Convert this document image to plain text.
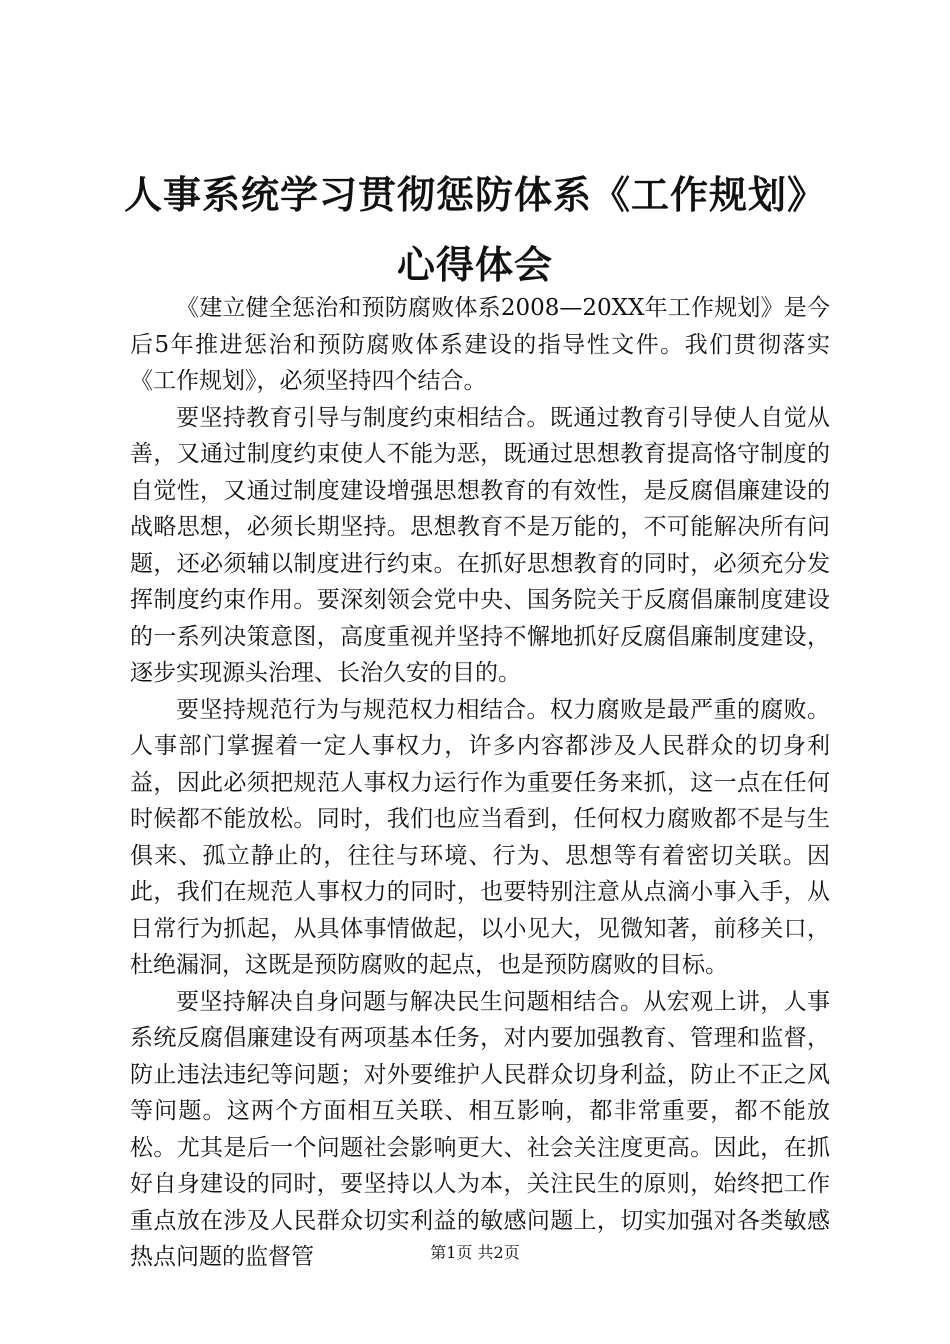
人事系统学习贯彻惩防体系《工作规划》心得体会

《建立健全惩治和预防腐败体系2008—20XX年工作规划》是今后5年推进惩治和预防腐败体系建设的指导性文件。我们贯彻落实《工作规划》，必须坚持四个结合。

要坚持教育引导与制度约束相结合。既通过教育引导使人自觉从善，又通过制度约束使人不能为恶，既通过思想教育提高恪守制度的自觉性，又通过制度建设增强思想教育的有效性，是反腐倡廉建设的战略思想，必须长期坚持。思想教育不是万能的，不可能解决所有问题，还必须辅以制度进行约束。在抓好思想教育的同时，必须充分发挥制度约束作用。要深刻领会党中央、国务院关于反腐倡廉制度建设的一系列决策意图，高度重视并坚持不懈地抓好反腐倡廉制度建设，逐步实现源头治理、长治久安的目的。

要坚持规范行为与规范权力相结合。权力腐败是最严重的腐败。人事部门掌握着一定人事权力，许多内容都涉及人民群众的切身利益，因此必须把规范人事权力运行作为重要任务来抓，这一点在任何时候都不能放松。同时，我们也应当看到，任何权力腐败都不是与生俱来、孤立静止的，往往与环境、行为、思想等有着密切关联。因此，我们在规范人事权力的同时，也要特别注意从点滴小事入手，从日常行为抓起，从具体事情做起，以小见大，见微知著，前移关口，杜绝漏洞，这既是预防腐败的起点，也是预防腐败的目标。

要坚持解决自身问题与解决民生问题相结合。从宏观上讲，人事系统反腐倡廉建设有两项基本任务，对内要加强教育、管理和监督，防止违法违纪等问题；对外要维护人民群众切身利益，防止不正之风等问题。这两个方面相互关联、相互影响，都非常重要，都不能放松。尤其是后一个问题社会影响更大、社会关注度更高。因此，在抓好自身建设的同时，要坚持以人为本，关注民生的原则，始终把工作重点放在涉及人民群众切实利益的敏感问题上，切实加强对各类敏感热点问题的监督管	第1页 共2页
